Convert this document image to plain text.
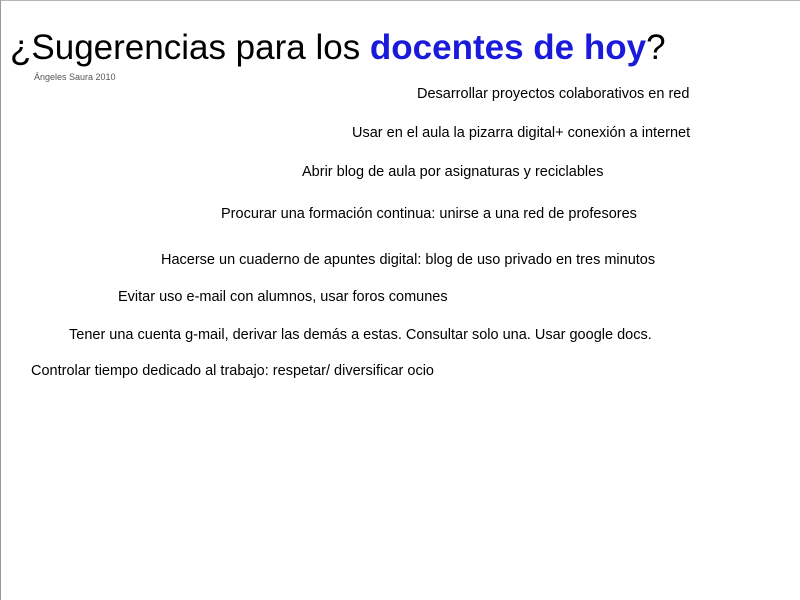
¿Sugerencias para los docentes de hoy?
Ángeles Saura 2010
Desarrollar proyectos colaborativos en red
Usar en el aula la pizarra digital+ conexión a internet
Abrir blog de aula por asignaturas y reciclables
Procurar una formación continua: unirse a una red de profesores
Hacerse un cuaderno de apuntes digital: blog de uso privado en tres minutos
Evitar uso e-mail con alumnos, usar foros comunes
Tener una cuenta g-mail, derivar las demás a estas. Consultar solo una. Usar google docs.
Controlar tiempo dedicado al trabajo: respetar/ diversificar ocio
